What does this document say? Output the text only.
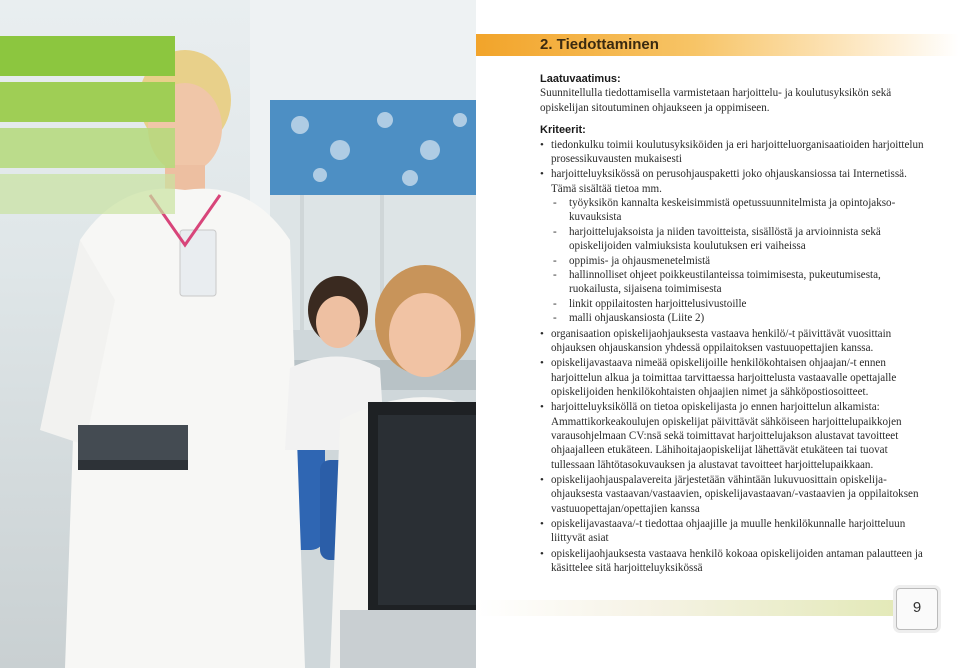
2. Tiedottaminen
Laatuvaatimus:

Suunnitellulla tiedottamisella varmistetaan harjoittelu- ja koulutusyksikön sekä opiskelijan sitoutuminen ohjaukseen ja oppimiseen.

Kriteerit:
• tiedonkulku toimii koulutusyksiköiden ja eri harjoitteluorganisaatioiden harjoittelun prosessikuvausten mukaisesti
• harjoitteluyksikössä on perusohjauspaketti joko ohjauskansiossa tai Internetissä. Tämä sisältää tietoa mm.
- työyksikön kannalta keskeisimmistä opetussuunnitelmista ja opintojakso-kuvauksista
- harjoittelujaksoista ja niiden tavoitteista, sisällöstä ja arvioinnista sekä opiskelijoiden valmiuksista koulutuksen eri vaiheissa
- oppimis- ja ohjausmenetelmistä
- hallinnolliset ohjeet poikkeustilanteissa toimimisesta, pukeutumisesta, ruokailusta, sijaisena toimimisesta
- linkit oppilaitosten harjoittelusivustoille
- malli ohjauskansiosta (Liite 2)
• organisaation opiskelijaohjauksesta vastaava henkilö/-t päivittävät vuosittain ohjauksen ohjauskansion yhdessä oppilaitoksen vastuuopettajien kanssa.
• opiskelijavastaava nimeää opiskelijoille henkilökohtaisen ohjaajan/-t ennen harjoittelun alkua ja toimittaa tarvittaessa harjoittelusta vastaavalle opettajalle opiskelijoiden henkilökohtaisten ohjaajien nimet ja sähköpostiosoitteet.
• harjoitteluyksiköllä on tietoa opiskelijasta jo ennen harjoittelun alkamista: Ammattikorkeakoulujen opiskelijat päivittävät sähköiseen harjoittelupaikkojen varausohjelmaan CV:nsä sekä toimittavat harjoittelujakson alustavat tavoitteet ohjaajalleen etukäteen. Lähihoitajaopiskelijat lähettävät etukäteen tai tuovat tullessaan lähtötasokuvauksen ja alustavat tavoitteet harjoittelupaikkaan.
• opiskelijaohjauspalavereita järjestetään vähintään lukuvuosittain opiskelija-ohjauksesta vastaavan/vastaavien, opiskelijavastaavan/-vastaavien ja oppilaitoksen vastuuopettajan/opettajien kanssa
• opiskelijavastaava/-t tiedottaa ohjaajille ja muulle henkilökunnalle harjoitteluun liittyvät asiat
• opiskelijaohjauksesta vastaava henkilö kokoaa opiskelijoiden antaman palautteen ja käsittelee sitä harjoitteluyksikössä
9
